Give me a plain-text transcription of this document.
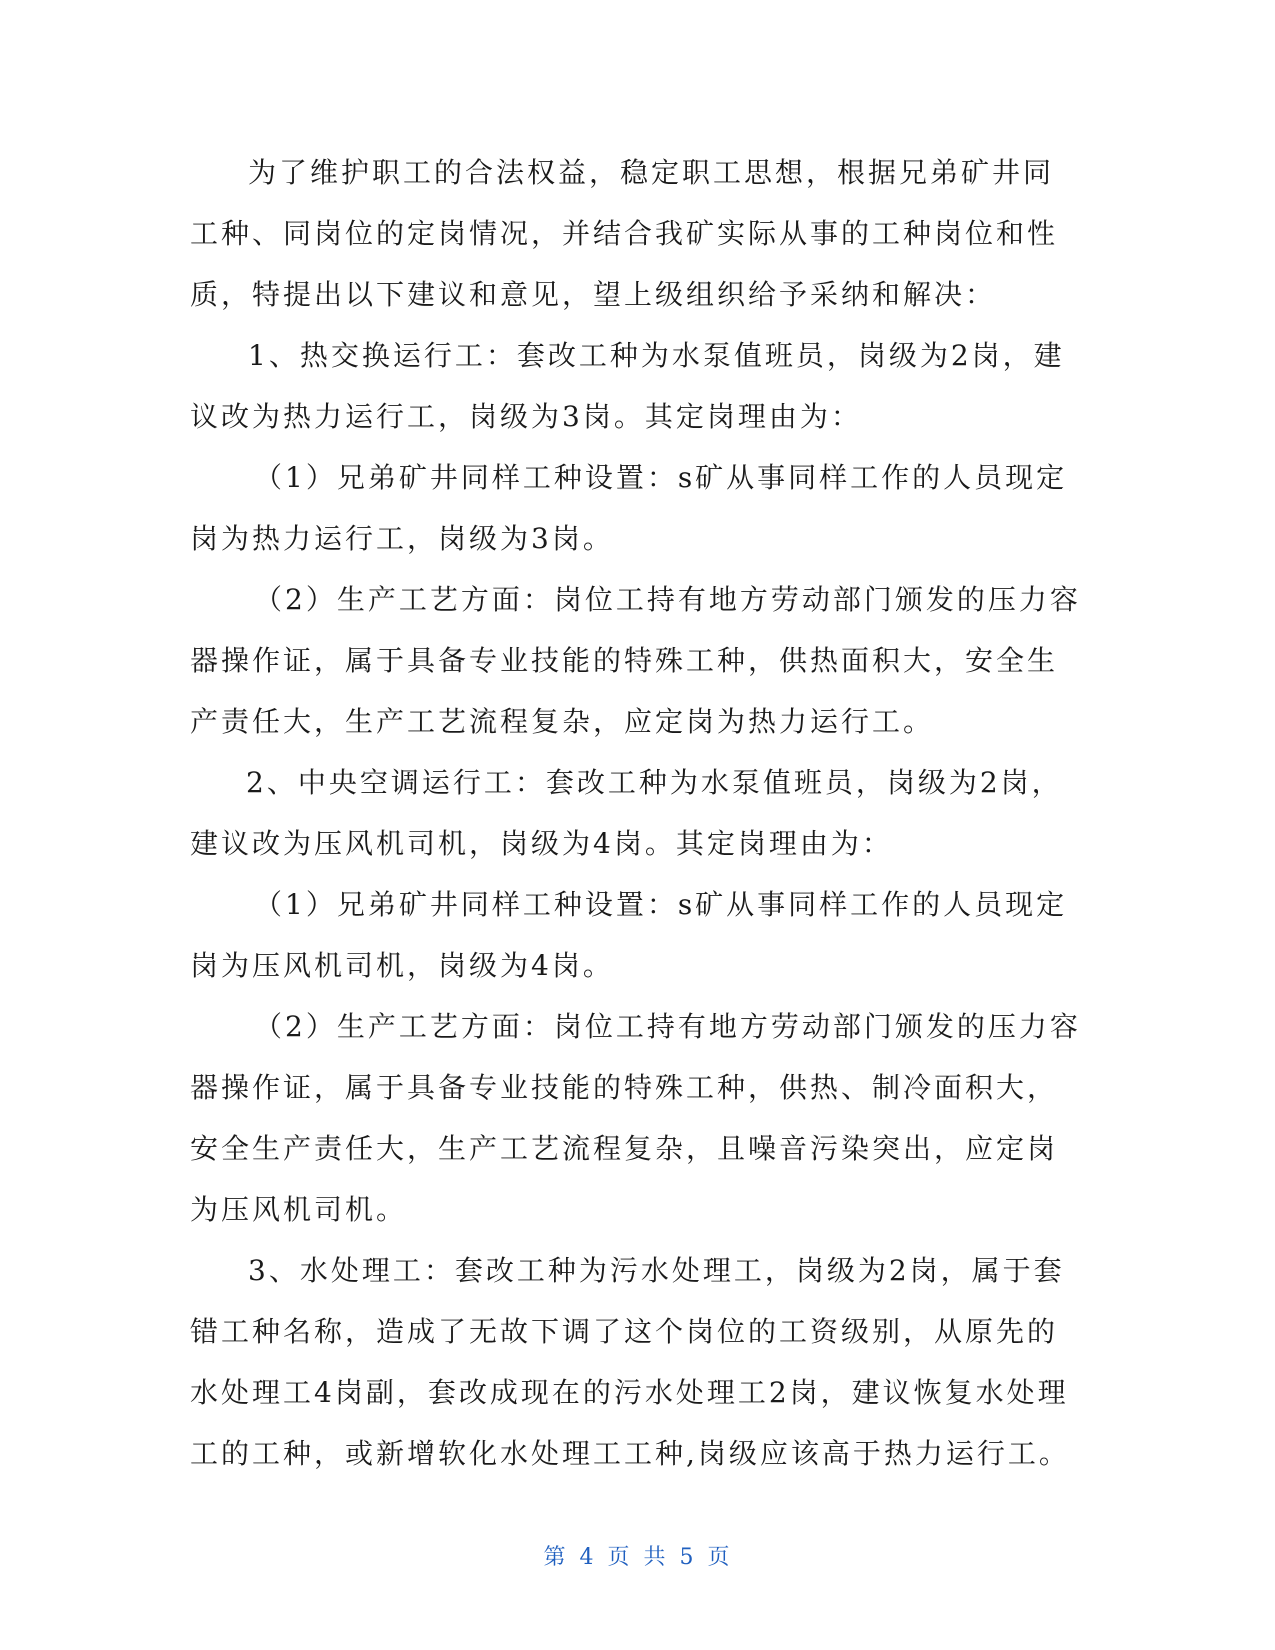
为了维护职工的合法权益，稳定职工思想，根据兄弟矿井同
工种、同岗位的定岗情况，并结合我矿实际从事的工种岗位和性
质，特提出以下建议和意见，望上级组织给予采纳和解决：
1、热交换运行工：套改工种为水泵值班员，岗级为2岗，建
议改为热力运行工，岗级为3岗。其定岗理由为：
（1）兄弟矿井同样工种设置：s矿从事同样工作的人员现定
岗为热力运行工，岗级为3岗。
（2）生产工艺方面：岗位工持有地方劳动部门颁发的压力容
器操作证，属于具备专业技能的特殊工种，供热面积大，安全生
产责任大，生产工艺流程复杂，应定岗为热力运行工。
2、中央空调运行工：套改工种为水泵值班员，岗级为2岗，
建议改为压风机司机，岗级为4岗。其定岗理由为：
（1）兄弟矿井同样工种设置：s矿从事同样工作的人员现定
岗为压风机司机，岗级为4岗。
（2）生产工艺方面：岗位工持有地方劳动部门颁发的压力容
器操作证，属于具备专业技能的特殊工种，供热、制冷面积大，
安全生产责任大，生产工艺流程复杂，且噪音污染突出，应定岗
为压风机司机。
3、水处理工：套改工种为污水处理工，岗级为2岗，属于套
错工种名称，造成了无故下调了这个岗位的工资级别，从原先的
水处理工4岗副，套改成现在的污水处理工2岗，建议恢复水处理
工的工种，或新增软化水处理工工种,岗级应该高于热力运行工。
第 4 页 共 5 页
